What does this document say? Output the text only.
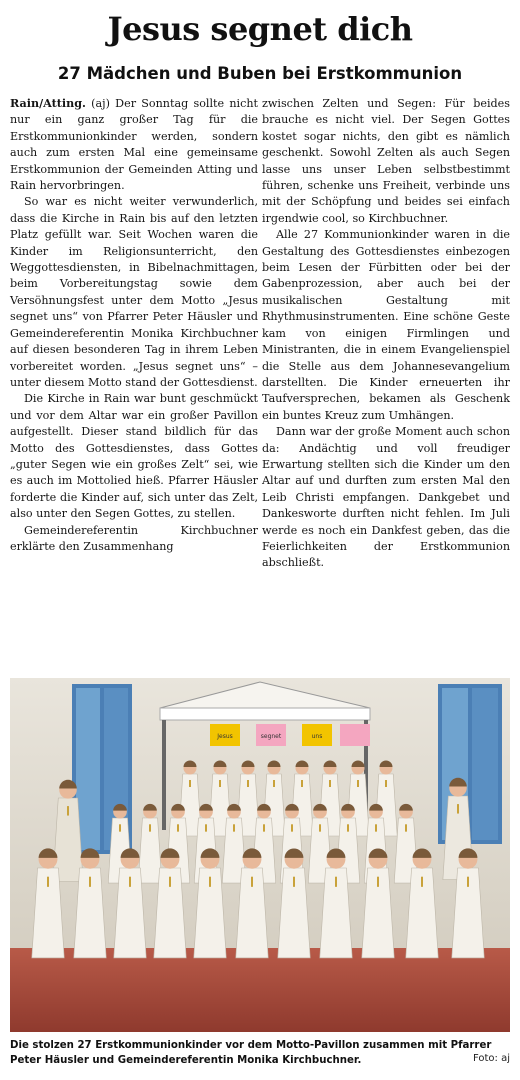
Jesus segnet dich
27 Mädchen und Buben bei Erstkommunion

Rain/Atting. (aj) Der Sonntag sollte nicht nur ein ganz großer Tag für die Erstkommunionkinder werden, sondern auch zum ersten Mal eine gemeinsame Erstkommunion der Gemeinden Atting und Rain hervorbringen.

So war es nicht weiter verwunderlich, dass die Kirche in Rain bis auf den letzten Platz gefüllt war. Seit Wochen waren die Kinder im Religionsunterricht, den Weggottesdiensten, in Bibelnachmittagen, beim Vorbereitungstag sowie dem Versöhnungsfest unter dem Motto „Jesus segnet uns“ von Pfarrer Peter Häusler und Gemeindereferentin Monika Kirchbuchner auf diesen besonderen Tag in ihrem Leben vorbereitet worden. „Jesus segnet uns“ – unter diesem Motto stand der Gottesdienst.

Die Kirche in Rain war bunt geschmückt und vor dem Altar war ein großer Pavillon aufgestellt. Dieser stand bildlich für das Motto des Gottesdienstes, dass Gottes „guter Segen wie ein großes Zelt“ sei, wie es auch im Mottolied hieß. Pfarrer Häusler forderte die Kinder auf, sich unter das Zelt, also unter den Segen Gottes, zu stellen.

Gemeindereferentin Kirchbuchner erklärte den Zusammenhang

zwischen Zelten und Segen: Für beides brauche es nicht viel. Der Segen Gottes kostet sogar nichts, den gibt es nämlich geschenkt. Sowohl Zelten als auch Segen lasse uns unser Leben selbstbestimmt führen, schenke uns Freiheit, verbinde uns mit der Schöpfung und beides sei einfach irgendwie cool, so Kirchbuchner.

Alle 27 Kommunionkinder waren in die Gestaltung des Gottesdienstes einbezogen beim Lesen der Fürbitten oder bei der Gabenprozession, aber auch bei der musikalischen Gestaltung mit Rhythmusinstrumenten. Eine schöne Geste kam von einigen Firmlingen und Ministranten, die in einem Evangelienspiel die Stelle aus dem Johannesevangelium darstellten. Die Kinder erneuerten ihr Taufversprechen, bekamen als Geschenk ein buntes Kreuz zum Umhängen.

Dann war der große Moment auch schon da: Andächtig und voll freudiger Erwartung stellten sich die Kinder um den Altar auf und durften zum ersten Mal den Leib Christi empfangen. Dankgebet und Dankesworte durften nicht fehlen. Im Juli werde es noch ein Dankfest geben, das die Feierlichkeiten der Erstkommunion abschließt.

Jesus	segnet	uns
Die stolzen 27 Erstkommunionkinder vor dem Motto-Pavillon zusammen mit Pfarrer Peter Häusler und Gemeindereferentin Monika Kirchbuchner.	Foto: aj
